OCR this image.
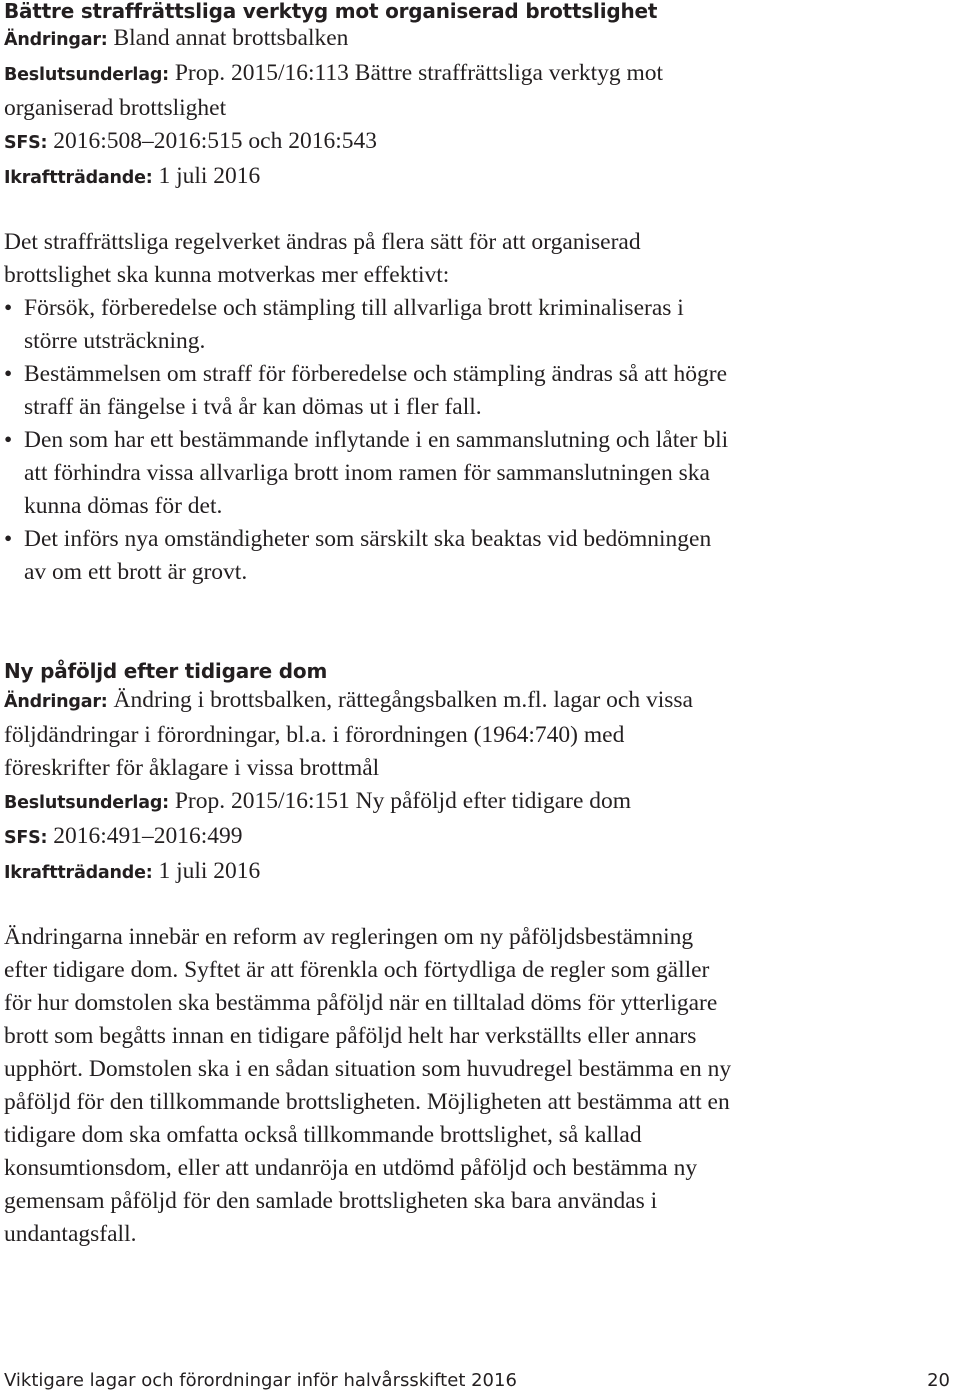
Bättre straffrättsliga verktyg mot organiserad brottslighet

Ändringar: Bland annat brottsbalken

Beslutsunderlag: Prop. 2015/16:113 Bättre straffrättsliga verktyg mot organiserad brottslighet

SFS: 2016:508–2016:515 och 2016:543

Ikraftträdande: 1 juli 2016

Det straffrättsliga regelverket ändras på flera sätt för att organiserad brottslighet ska kunna motverkas mer effektivt:

• Försök, förberedelse och stämpling till allvarliga brott kriminaliseras i större utsträckning.
• Bestämmelsen om straff för förberedelse och stämpling ändras så att högre straff än fängelse i två år kan dömas ut i fler fall.
• Den som har ett bestämmande inflytande i en sammanslutning och låter bli att förhindra vissa allvarliga brott inom ramen för sammanslutningen ska kunna dömas för det.
• Det införs nya omständigheter som särskilt ska beaktas vid bedömningen av om ett brott är grovt.
Ny påföljd efter tidigare dom

Ändringar: Ändring i brottsbalken, rättegångsbalken m.fl. lagar och vissa följdändringar i förordningar, bl.a. i förordningen (1964:740) med föreskrifter för åklagare i vissa brottmål

Beslutsunderlag: Prop. 2015/16:151 Ny påföljd efter tidigare dom

SFS: 2016:491–2016:499

Ikraftträdande: 1 juli 2016

Ändringarna innebär en reform av regleringen om ny påföljdsbestämning efter tidigare dom. Syftet är att förenkla och förtydliga de regler som gäller för hur domstolen ska bestämma påföljd när en tilltalad döms för ytterligare brott som begåtts innan en tidigare påföljd helt har verkställts eller annars upphört. Domstolen ska i en sådan situation som huvudregel bestämma en ny påföljd för den tillkommande brottsligheten. Möjligheten att bestämma att en tidigare dom ska omfatta också tillkommande brottslighet, så kallad konsumtionsdom, eller att undanröja en utdömd påföljd och bestämma ny gemensam påföljd för den samlade brottsligheten ska bara användas i undantagsfall.

Viktigare lagar och förordningar inför halvårsskiftet 2016	20
